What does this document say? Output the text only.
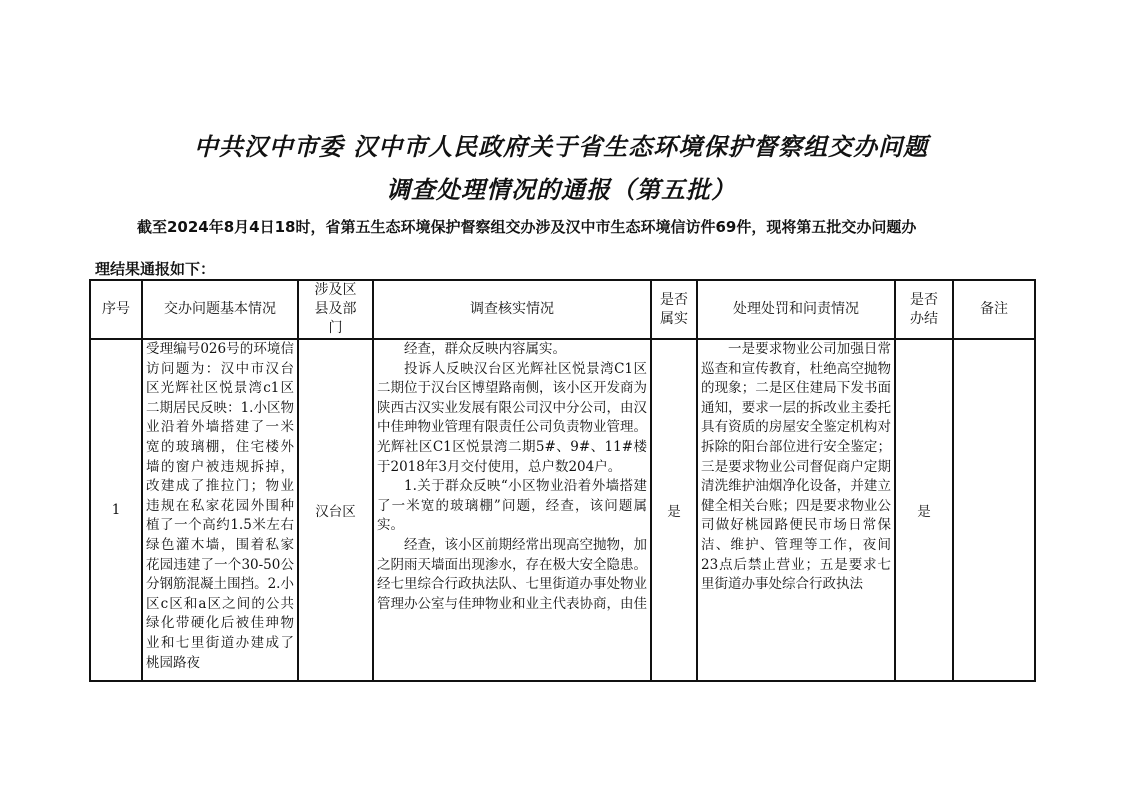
中共汉中市委 汉中市人民政府关于省生态环境保护督察组交办问题
调查处理情况的通报（第五批）
截至2024年8月4日18时，省第五生态环境保护督察组交办涉及汉中市生态环境信访件69件，现将第五批交办问题办
理结果通报如下：
序号	交办问题基本情况	涉及区县及部门	调查核实情况	是否属实	处理处罚和问责情况	是否办结	备注
1	受理编号026号的环境信访问题为：汉中市汉台区光辉社区悦景湾c1区二期居民反映：1.小区物业沿着外墙搭建了一米宽的玻璃棚，住宅楼外墙的窗户被违规拆掉，改建成了推拉门；物业违规在私家花园外围种植了一个高约1.5米左右绿色灌木墙，围着私家花园违建了一个30-50公分钢筋混凝土围挡。2.小区c区和a区之间的公共绿化带硬化后被佳珅物业和七里街道办建成了桃园路夜	汉台区	经查，群众反映内容属实。

投诉人反映汉台区光辉社区悦景湾C1区二期位于汉台区博望路南侧，该小区开发商为陕西古汉实业发展有限公司汉中分公司，由汉中佳珅物业管理有限责任公司负责物业管理。光辉社区C1区悦景湾二期5#、9#、11#楼于2018年3月交付使用，总户数204户。

1.关于群众反映“小区物业沿着外墙搭建了一米宽的玻璃棚”问题，经查，该问题属实。

经查，该小区前期经常出现高空抛物，加之阴雨天墙面出现渗水，存在极大安全隐患。经七里综合行政执法队、七里街道办事处物业管理办公室与佳珅物业和业主代表协商，由佳	是	一是要求物业公司加强日常巡查和宣传教育，杜绝高空抛物的现象；二是区住建局下发书面通知，要求一层的拆改业主委托具有资质的房屋安全鉴定机构对拆除的阳台部位进行安全鉴定；三是要求物业公司督促商户定期清洗维护油烟净化设备，并建立健全相关台账；四是要求物业公司做好桃园路便民市场日常保洁、维护、管理等工作，夜间23点后禁止营业；五是要求七里街道办事处综合行政执法	是	
